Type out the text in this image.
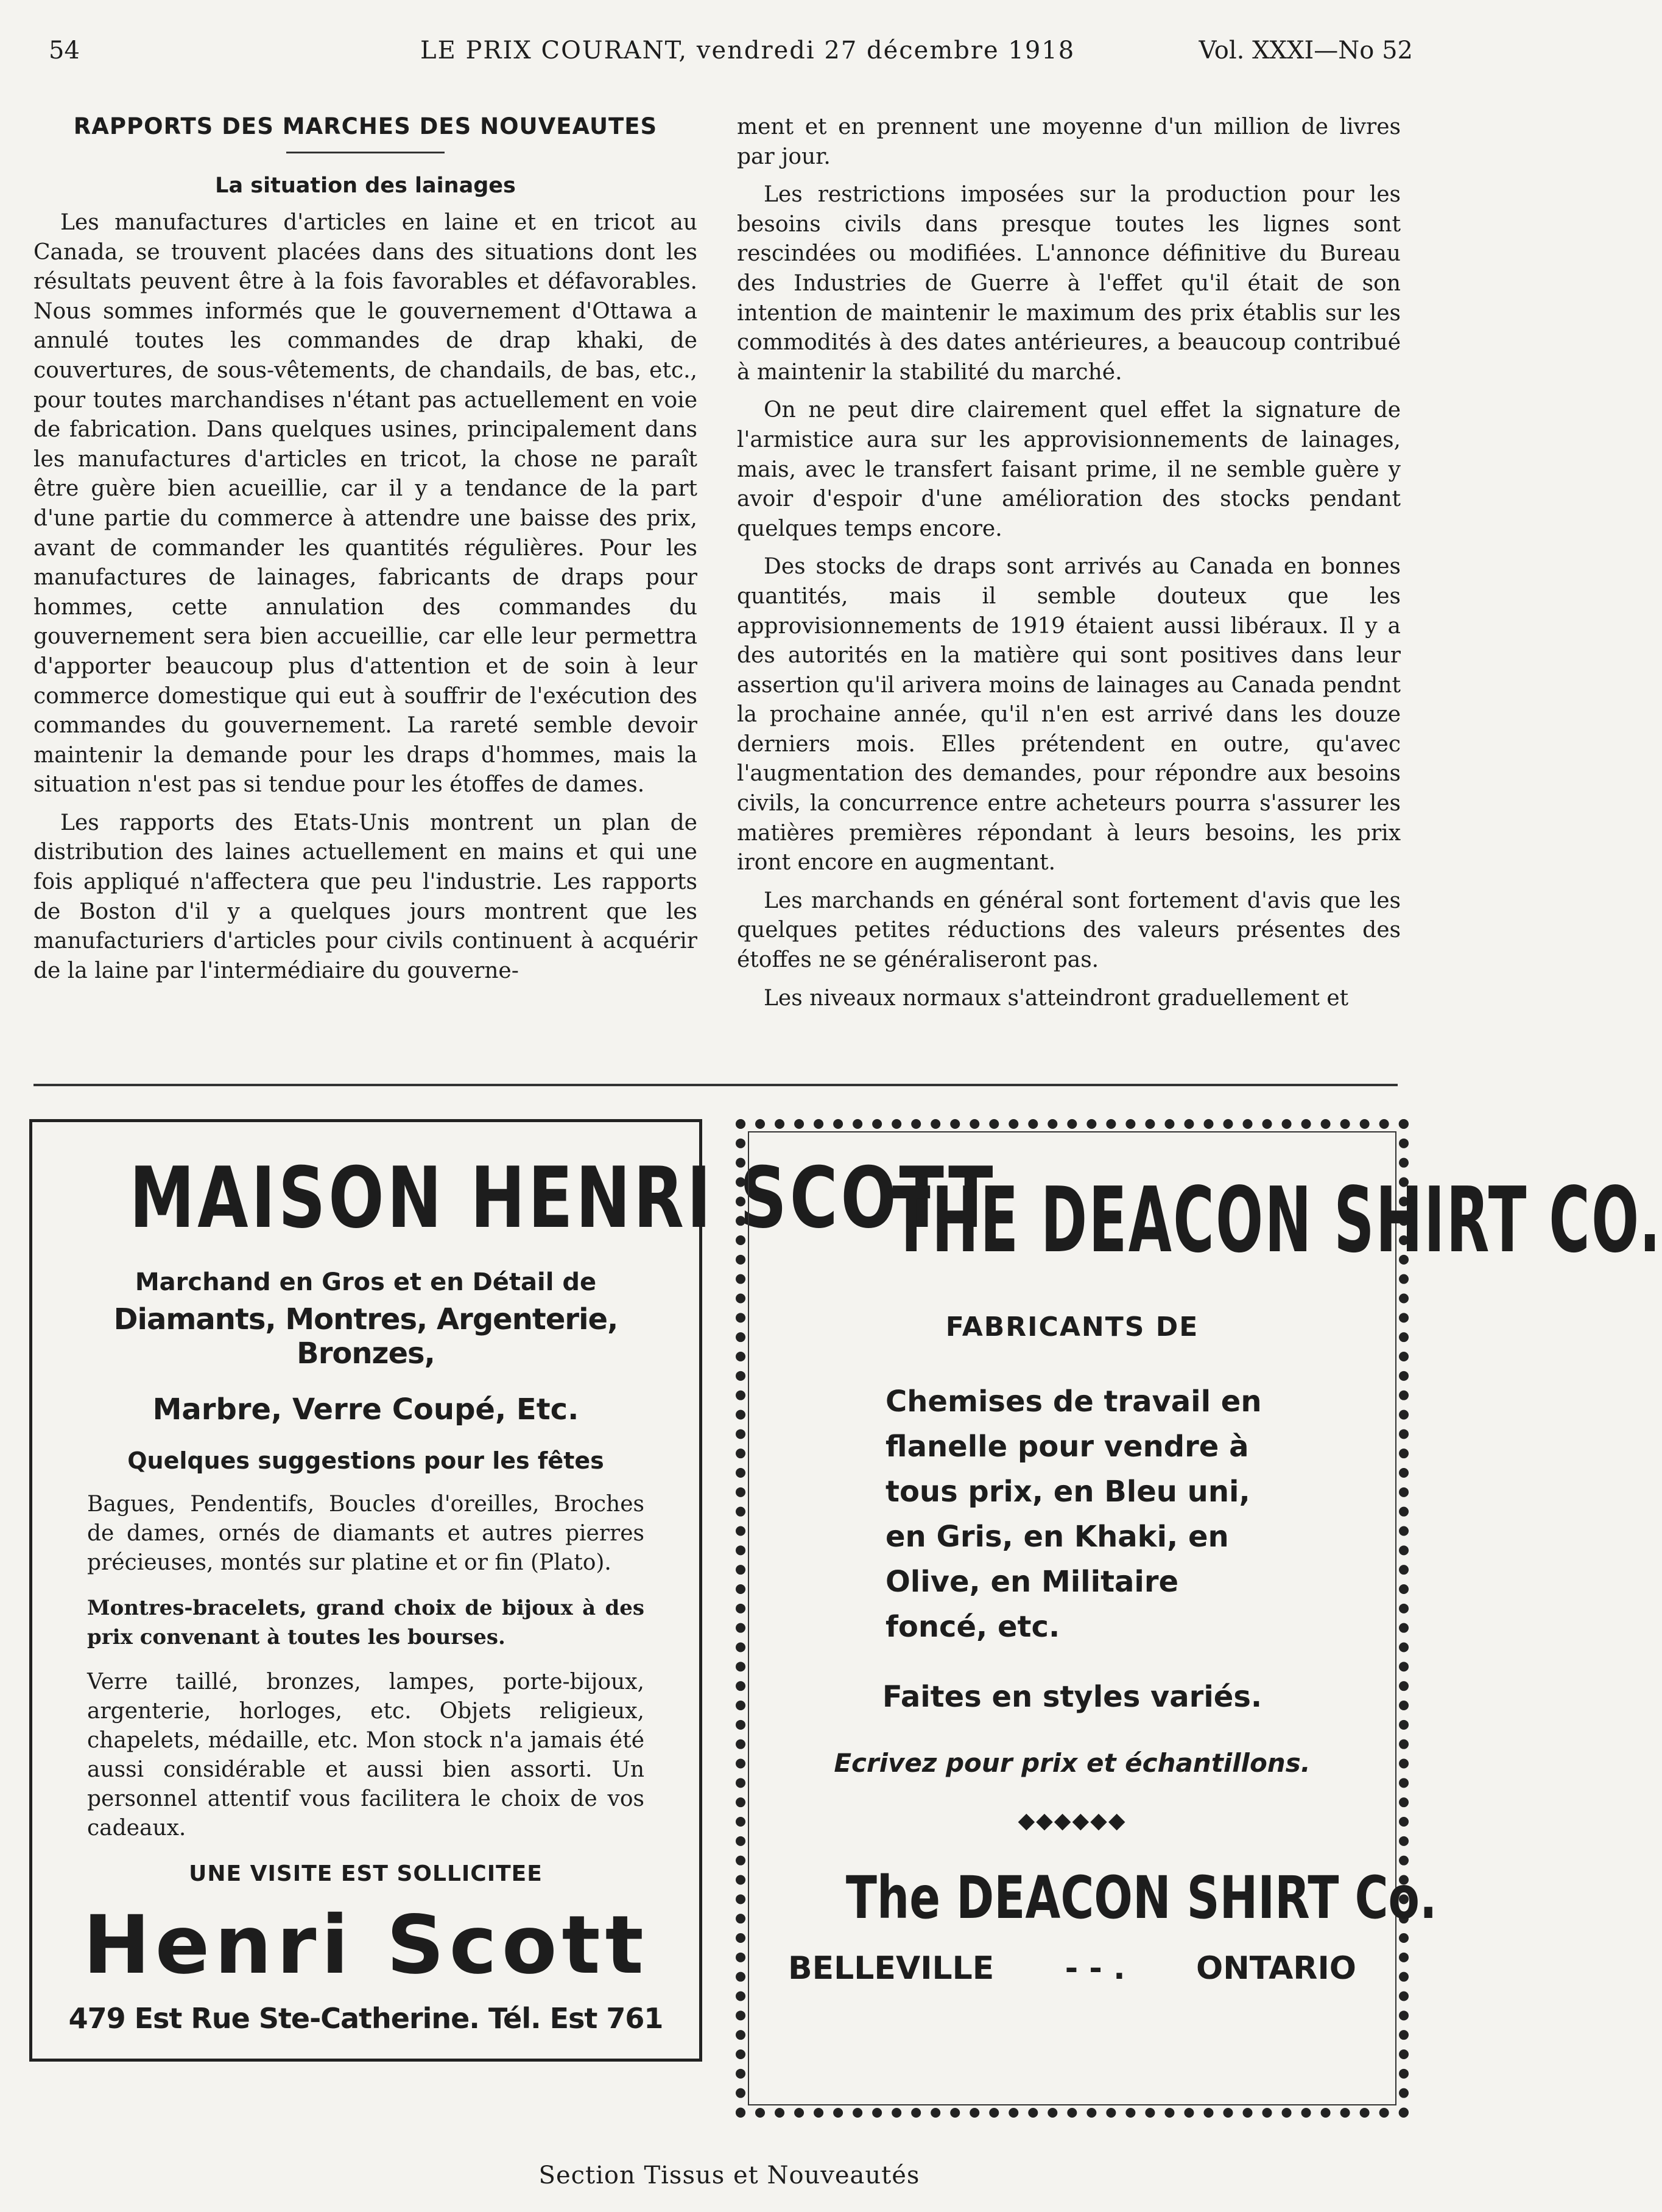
54	LE PRIX COURANT, vendredi 27 décembre 1918	Vol. XXXI—No 52
RAPPORTS DES MARCHES DES NOUVEAUTES
La situation des lainages

Les manufactures d'articles en laine et en tricot au Canada, se trouvent placées dans des situations dont les résultats peuvent être à la fois favorables et défavorables. Nous sommes informés que le gouvernement d'Ottawa a annulé toutes les commandes de drap khaki, de couvertures, de sous-vêtements, de chandails, de bas, etc., pour toutes marchandises n'étant pas actuellement en voie de fabrication. Dans quelques usines, principalement dans les manufactures d'articles en tricot, la chose ne paraît être guère bien acueillie, car il y a tendance de la part d'une partie du commerce à attendre une baisse des prix, avant de commander les quantités régulières. Pour les manufactures de lainages, fabricants de draps pour hommes, cette annulation des commandes du gouvernement sera bien accueillie, car elle leur permettra d'apporter beaucoup plus d'attention et de soin à leur commerce domestique qui eut à souffrir de l'exécution des commandes du gouvernement. La rareté semble devoir maintenir la demande pour les draps d'hommes, mais la situation n'est pas si tendue pour les étoffes de dames.

Les rapports des Etats-Unis montrent un plan de distribution des laines actuellement en mains et qui une fois appliqué n'affectera que peu l'industrie. Les rapports de Boston d'il y a quelques jours montrent que les manufacturiers d'articles pour civils continuent à acquérir de la laine par l'intermédiaire du gouverne-

ment et en prennent une moyenne d'un million de livres par jour.

Les restrictions imposées sur la production pour les besoins civils dans presque toutes les lignes sont rescindées ou modifiées. L'annonce définitive du Bureau des Industries de Guerre à l'effet qu'il était de son intention de maintenir le maximum des prix établis sur les commodités à des dates antérieures, a beaucoup contribué à maintenir la stabilité du marché.

On ne peut dire clairement quel effet la signature de l'armistice aura sur les approvisionnements de lainages, mais, avec le transfert faisant prime, il ne semble guère y avoir d'espoir d'une amélioration des stocks pendant quelques temps encore.

Des stocks de draps sont arrivés au Canada en bonnes quantités, mais il semble douteux que les approvisionnements de 1919 étaient aussi libéraux. Il y a des autorités en la matière qui sont positives dans leur assertion qu'il arivera moins de lainages au Canada pendnt la prochaine année, qu'il n'en est arrivé dans les douze derniers mois. Elles prétendent en outre, qu'avec l'augmentation des demandes, pour répondre aux besoins civils, la concurrence entre acheteurs pourra s'assurer les matières premières répondant à leurs besoins, les prix iront encore en augmentant.

Les marchands en général sont fortement d'avis que les quelques petites réductions des valeurs présentes des étoffes ne se généraliseront pas.

Les niveaux normaux s'atteindront graduellement et

MAISON HENRI SCOTT
Marchand en Gros et en Détail de
Diamants, Montres, Argenterie, Bronzes,
Marbre, Verre Coupé, Etc.
Quelques suggestions pour les fêtes
Bagues, Pendentifs, Boucles d'oreilles, Broches de dames, ornés de diamants et autres pierres précieuses, montés sur platine et or fin (Plato).
Montres-bracelets, grand choix de bijoux à des prix convenant à toutes les bourses.
Verre taillé, bronzes, lampes, porte-bijoux, argenterie, horloges, etc. Objets religieux, chapelets, médaille, etc. Mon stock n'a jamais été aussi considérable et aussi bien assorti. Un personnel attentif vous facilitera le choix de vos cadeaux.
UNE VISITE EST SOLLICITEE
Henri Scott
479 Est Rue Ste-Catherine. Tél. Est 761
THE DEACON SHIRT CO.
FABRICANTS DE
Chemises de travail en flanelle pour vendre à tous prix, en Bleu uni, en Gris, en Khaki, en Olive, en Militaire foncé, etc.
Faites en styles variés.
Ecrivez pour prix et échantillons.
◆◆◆◆◆◆
The DEACON SHIRT Co.
BELLEVILLE - - . ONTARIO
Section Tissus et Nouveautés
